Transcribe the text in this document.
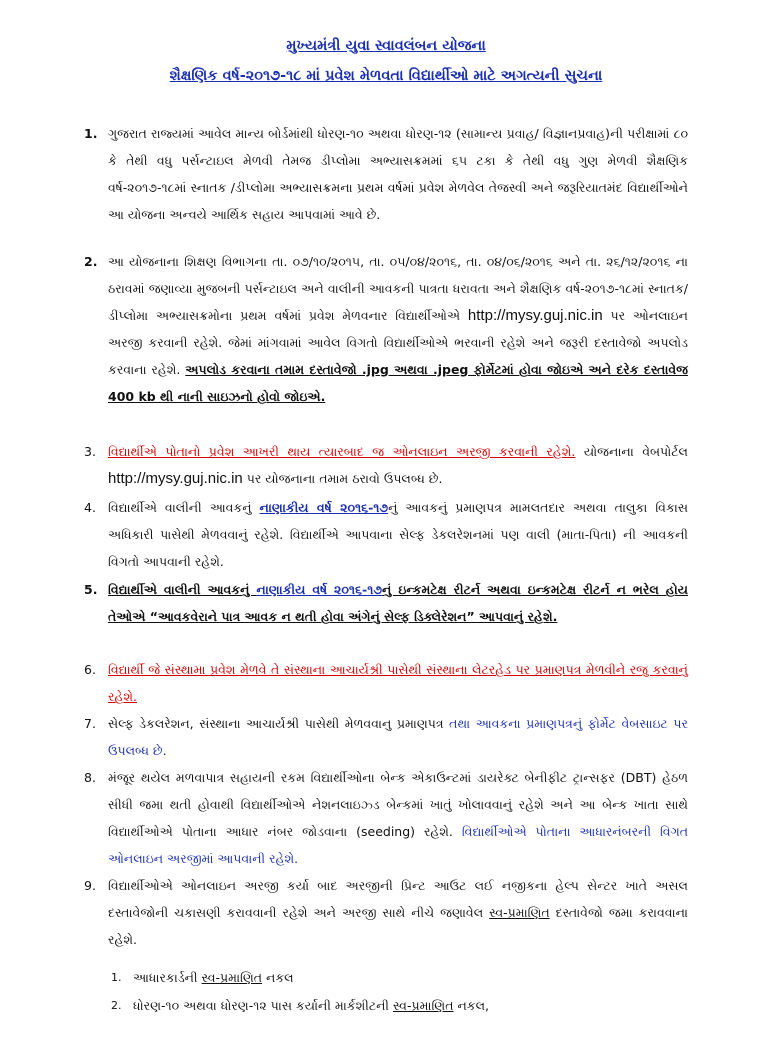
મુખ્યમંત્રી યુવા સ્વાવલંબન યોજના
શૈક્ષણિક વર્ષ-૨૦૧૭-૧૮ માં પ્રવેશ મેળવતા વિદ્યાર્થીઓ માટે અગત્યની સુચના
1. ગુજરાત રાજ્યમાં આવેલ માન્ય બોર્ડમાંથી ધોરણ-૧૦ અથવા ધોરણ-૧૨ (સામાન્ય પ્રવાહ/ વિજ્ઞાનપ્રવાહ)ની પરીક્ષામાં ૮૦ કે તેથી વધુ પર્સન્ટાઇલ મેળવી તેમજ ડીપ્લોમા અભ્યાસક્રમમાં ૬૫ ટકા કે તેથી વધુ ગુણ મેળવી શૈક્ષણિક વર્ષ-૨૦૧૭-૧૮માં સ્નાતક /ડીપ્લોમા અભ્યાસક્રમના પ્રથમ વર્ષમાં પ્રવેશ મેળવેલ તેજસ્વી અને જરૂરિયાતમંદ વિદ્યાર્થીઓને આ યોજના અન્વયે આર્થિક સહાય આપવામાં આવે છે.
2. આ યોજનાના શિક્ષણ વિભાગના તા. ૦૭/૧૦/૨૦૧૫, તા. ૦૫/૦૪/૨૦૧૬, તા. ૦૪/૦૬/૨૦૧૬ અને તા. ૨૬/૧૨/૨૦૧૬ ના ઠરાવમાં જણાવ્યા મુજબની પર્સન્ટાઇલ અને વાલીની આવકની પાત્રતા ધરાવતા અને શૈક્ષણિક વર્ષ-૨૦૧૭-૧૮માં સ્નાતક/ડીપ્લોમા અભ્યાસક્રમોના પ્રથમ વર્ષમાં પ્રવેશ મેળવનાર વિદ્યાર્થીઓએ http://mysy.guj.nic.in પર ઓનલાઇન અરજી કરવાની રહેશે. જેમાં માંગવામાં આવેલ વિગતો વિદ્યાર્થીઓએ ભરવાની રહેશે અને જરૂરી દસ્તાવેજો અપલોડ કરવાના રહેશે. અપલોડ કરવાના તમામ દસ્તાવેજો .jpg અથવા .jpeg ફોર્મેટમાં હોવા જોઇએ અને દરેક દસ્તાવેજ 400 kb થી નાની સાઇઝનો હોવો જોઇએ.
3. વિદ્યાર્થીએ પોતાનો પ્રવેશ આખરી થાય ત્યારબાદ જ ઓનલાઇન અરજી કરવાની રહેશે. યોજનાના વેબપોર્ટલ http://mysy.guj.nic.in પર યોજનાના તમામ ઠરાવો ઉપલબ્ધ છે.
4. વિદ્યાર્થીએ વાલીની આવકનું નાણાકીય વર્ષ ૨૦૧૬-૧૭નું આવકનું પ્રમાણપત્ર મામલતદાર અથવા તાલુકા વિકાસ અધિકારી પાસેથી મેળવવાનું રહેશે. વિદ્યાર્થીએ આપવાના સેલ્ફ ડેકલરેશનમાં પણ વાલી (માતા-પિતા) ની આવકની વિગતો આપવાની રહેશે.
5. વિદ્યાર્થીએ વાલીની આવકનું નાણાકીય વર્ષ ૨૦૧૬-૧૭નું ઇન્કમટેક્ષ રીટર્ન અથવા ઇન્કમટેક્ષ રીટર્ન ન ભરેલ હોય તેઓએ “આવકવેરાને પાત્ર આવક ન થતી હોવા અંગેનું સેલ્ફ ડિક્લેરેશન” આપવાનું રહેશે.
6. વિદ્યાર્થી જે સંસ્થામા પ્રવેશ મેળવે તે સંસ્થાના આચાર્યશ્રી પાસેથી સંસ્થાના લેટરહેડ પર પ્રમાણપત્ર મેળવીને રજુ કરવાનું રહેશે.
7. સેલ્ફ ડેકલરેશન, સંસ્થાના આચાર્યશ્રી પાસેથી મેળવવાનુ પ્રમાણપત્ર તથા આવકના પ્રમાણપત્રનું ફોર્મેટ વેબસાઇટ પર ઉપલબ્ધ છે.
8. મંજૂર થયેલ મળવાપાત્ર સહાયની રકમ વિદ્યાર્થીઓના બેન્ક એકાઉન્ટમાં ડાયરેક્ટ બેનીફીટ ટ્રાન્સફર (DBT) હેઠળ સીધી જમા થતી હોવાથી વિદ્યાર્થીઓએ નેશનલાઇઝ્ડ બેન્કમાં ખાતું ખોલાવવાનું રહેશે અને આ બેન્ક ખાતા સાથે વિદ્યાર્થીઓએ પોતાના આધાર નંબર જોડવાના (seeding) રહેશે. વિદ્યાર્થીઓએ પોતાના આધારનંબરની વિગત ઓનલાઇન અરજીમાં આપવાની રહેશે.
9. વિદ્યાર્થીઓએ ઓનલાઇન અરજી કર્યા બાદ અરજીની પ્રિન્ટ આઉટ લઈ નજીકના હેલ્પ સેન્ટર ખાતે અસલ દસ્તાવેજોની ચકાસણી કરાવવાની રહેશે અને અરજી સાથે નીચે જણાવેલ સ્વ-પ્રમાણિત દસ્તાવેજો જમા કરાવવાના રહેશે.
1. આધારકાર્ડની સ્વ-પ્રમાણિત નકલ
2. ધોરણ-૧૦ અથવા ધોરણ-૧૨ પાસ કર્યાની માર્કશીટની સ્વ-પ્રમાણિત નકલ,
